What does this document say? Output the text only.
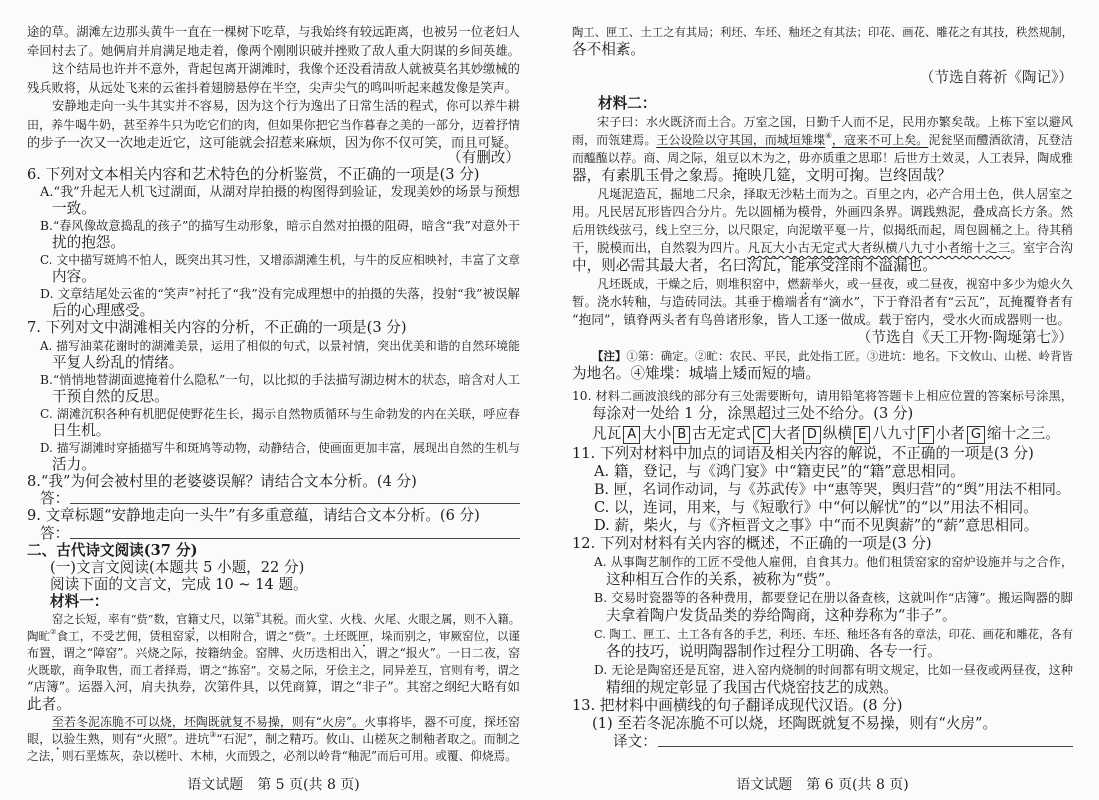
途的草。湖滩左边那头黄牛一直在一棵树下吃草，与我始终有较远距离，也被另一位老妇人
牵回村去了。她俩肩并肩满足地走着，像两个刚刚识破并挫败了敌人重大阴谋的乡间英雄。
这个结局也许并不意外，背起包离开湖滩时，我像个还没看清敌人就被莫名其妙缴械的
残兵败将，从远处飞来的云雀抖着翅膀悬停在半空，尖声尖气的鸣叫听起来越发像是笑声。
安静地走向一头牛其实并不容易，因为这个行为逸出了日常生活的程式，你可以养牛耕
田，养牛喝牛奶，甚至养牛只为吃它们的肉，但如果你把它当作暮春之美的一部分，迈着抒情
的步子一次又一次地走近它，这可能就会招惹来麻烦，因为你不仅可笑，而且可疑。
（有删改）
6. 下列对文本相关内容和艺术特色的分析鉴赏，不正确的一项是(3 分)
A.“我”升起无人机飞过湖面，从湖对岸拍摄的构图得到验证，发现美妙的场景与预想
一致。
B.“春风像故意捣乱的孩子”的描写生动形象，暗示自然对拍摄的阻碍，暗含“我”对意外干
扰的抱怨。
C. 文中描写斑鸠不怕人，既突出其习性，又增添湖滩生机，与牛的反应相映衬，丰富了文章
内容。
D. 文章结尾处云雀的“笑声”衬托了“我”没有完成理想中的拍摄的失落，投射“我”被误解
后的心理感受。
7. 下列对文中湖滩相关内容的分析，不正确的一项是(3 分)
A. 描写油菜花谢时的湖滩美景，运用了相似的句式，以景衬情，突出优美和谐的自然环境能
平复人纷乱的情绪。
B.“悄悄地替湖面遮掩着什么隐私”一句，以比拟的手法描写湖边树木的状态，暗含对人工
干预自然的反思。
C. 湖滩沉积各种有机肥促使野花生长，揭示自然物质循环与生命勃发的内在关联，呼应春
日生机。
D. 描写湖滩时穿插描写牛和斑鸠等动物，动静结合，使画面更加丰富，展现出自然的生机与
活力。
8.“我”为何会被村里的老婆婆误解？请结合文本分析。(4 分)
答：
9. 文章标题“安静地走向一头牛”有多重意蕴，请结合文本分析。(6 分)
答：
二、古代诗文阅读(37 分)
(一)文言文阅读(本题共 5 小题，22 分)
阅读下面的文言文，完成 10 ~ 14 题。
材料一：
窑之长短，率有“赀”数，官籍丈尺，以第①其税。而火堂、火栈、火尾、火眼之属，则不入籍。
陶甿②食工，不受艺佣，赁租窑家，以相附合，谓之“赀”。土坯既匣，垛而别之，审厥窑位，以谨
布置，谓之“障窑”。兴烧之际，按籍纳金。窑牌、火历迭相出入，谓之“报火”。一日二夜，窑
火既歇，商争取售，而工者择焉，谓之“拣窑”。交易之际，牙侩主之，同异差互，官则有考，谓之
“店簿”。运器入河，肩夫执券，次第件具，以凭商算，谓之“非子”。其窑之纲纪大略有如
此者。
至若冬泥冻脆不可以烧，坯陶既就复不易操，则有“火房”。火事将毕，器不可度，探坯窑
眼，以验生熟，则有“火照”。进坑③“石泥”，制之精巧。攸山、山槎灰之制釉者取之。而制之
之法，则石垩炼灰，杂以槎叶、木柿，火而毁之，必剂以岭背“釉泥”而后可用。或覆、仰烧焉。
陶工、匣工、土工之有其局；利坯、车坯、釉坯之有其法；印花、画花、雕花之有其技，秩然规制，
各不相紊。
（节选自蒋祈《陶记》）
材料二：
宋子曰：水火既济而土合。万室之国，日勤千人而不足，民用亦繁矣哉。上栋下室以避风
雨，而瓴建焉。王公设险以守其国，而城垣雉堞④，寇来不可上矣。泥瓮坚而醴酒欲清，瓦登洁
而醯醢以荐。商、周之际，俎豆以木为之，毋亦质重之思耶！后世方土效灵，人工表异，陶成雅
器，有素肌玉骨之象焉。掩映几筵，文明可掬。岂终固哉？
凡埏泥造瓦，掘地二尺余，择取无沙粘土而为之。百里之内，必产合用土色，供人居室之
用。凡民居瓦形皆四合分片。先以圆桶为模骨，外画四条界。调践熟泥，叠成高长方条。然
后用铁线弦弓，线上空三分，以尺限定，向泥墩平戛一片，似揭纸而起，周包圆桶之上。待其稍
干，脱模而出，自然裂为四片。凡瓦大小古无定式大者纵横八九寸小者缩十之三。室宇合沟
中，则必需其最大者，名曰沟瓦，能承受淫雨不溢漏也。
凡坯既成，干燥之后，则堆积窑中，燃薪举火，或一昼夜，或二昼夜，视窑中多少为熄火久
暂。浇水转釉，与造砖同法。其垂于檐端者有“滴水”，下于脊沿者有“云瓦”，瓦掩覆脊者有
“抱同”，镇脊两头者有鸟兽诸形象，皆人工逐一做成。载于窑内，受水火而成器则一也。
（节选自《天工开物·陶埏第七》）
【注】①第：确定。②甿：农民、平民，此处指工匠。③进坑：地名。下文攸山、山槎、岭背皆
为地名。④雉堞：城墙上矮而短的墙。
10. 材料二画波浪线的部分有三处需要断句，请用铅笔将答题卡上相应位置的答案标号涂黑，
每涂对一处给 1 分，涂黑超过三处不给分。(3 分)
凡瓦 A 大小 B 古无定式 C 大者 D 纵横 E 八九寸 F 小者 G 缩十之三。
11. 下列对材料中加点的词语及相关内容的解说，不正确的一项是(3 分)
A. 籍，登记，与《鸿门宴》中“籍吏民”的“籍”意思相同。
B. 匣，名词作动词，与《苏武传》中“惠等哭，舆归营”的“舆”用法不相同。
C. 以，连词，用来，与《短歌行》中“何以解忧”的“以”用法不相同。
D. 薪，柴火，与《齐桓晋文之事》中“而不见舆薪”的“薪”意思相同。
12. 下列对材料有关内容的概述，不正确的一项是(3 分)
A. 从事陶艺制作的工匠不受他人雇佣，自食其力。他们租赁窑家的窑炉设施并与之合作，
这种相互合作的关系，被称为“赀”。
B. 交易时瓷器等的各种费用，都要登记在册以备查核，这就叫作“店簿”。搬运陶器的脚
夫拿着陶户发货品类的券给陶商，这种券称为“非子”。
C. 陶工、匣工、土工各有各的手艺，利坯、车坯、釉坯各有各的章法，印花、画花和雕花，各有
各的技巧，说明陶器制作过程分工明确、各专一行。
D. 无论是陶窑还是瓦窑，进入窑内烧制的时间都有明文规定，比如一昼夜或两昼夜，这种
精细的规定彰显了我国古代烧窑技艺的成熟。
13. 把材料中画横线的句子翻译成现代汉语。(8 分)
(1) 至若冬泥冻脆不可以烧，坯陶既就复不易操，则有“火房”。
译文：
语文试题　第 5 页(共 8 页)	语文试题　第 6 页(共 8 页)
